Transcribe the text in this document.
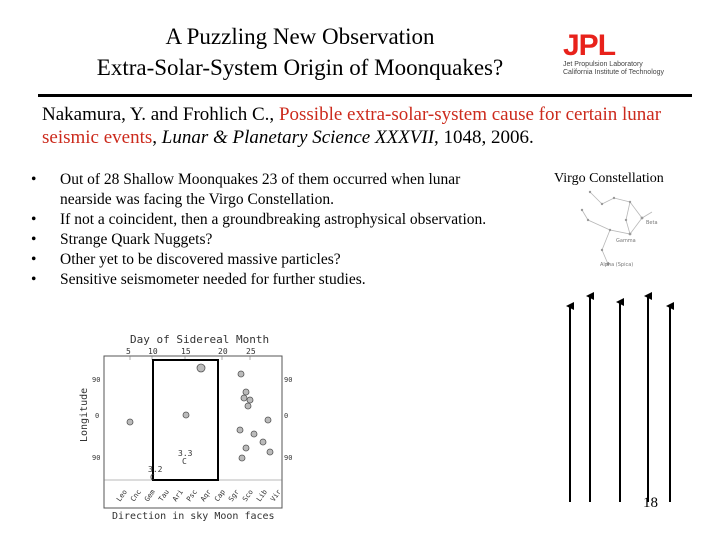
A Puzzling New Observation
Extra-Solar-System Origin of Moonquakes?
JPL
Jet Propulsion Laboratory
California Institute of Technology
Nakamura, Y. and Frohlich C., Possible extra-solar-system cause for certain lunar seismic events, Lunar & Planetary Science XXXVII, 1048, 2006.
• Out of 28 Shallow Moonquakes 23 of them occurred when lunar nearside was facing the Virgo Constellation.
• If not a coincident, then a groundbreaking astrophysical observation.
• Strange Quark Nuggets?
• Other yet to be discovered massive particles?
• Sensitive seismometer needed for further studies.
Virgo Constellation
Beta
Gamma
Alpha (Spica)
Day of Sidereal Month
5 10	15	20 25
Longitude
90
0
90
90
0
90
3.2
C
3.3
C
Leo Cnc Gem Tau Ari Psc Aqr Cap Sgr Sco Lib Vir
Direction in sky Moon faces
18
